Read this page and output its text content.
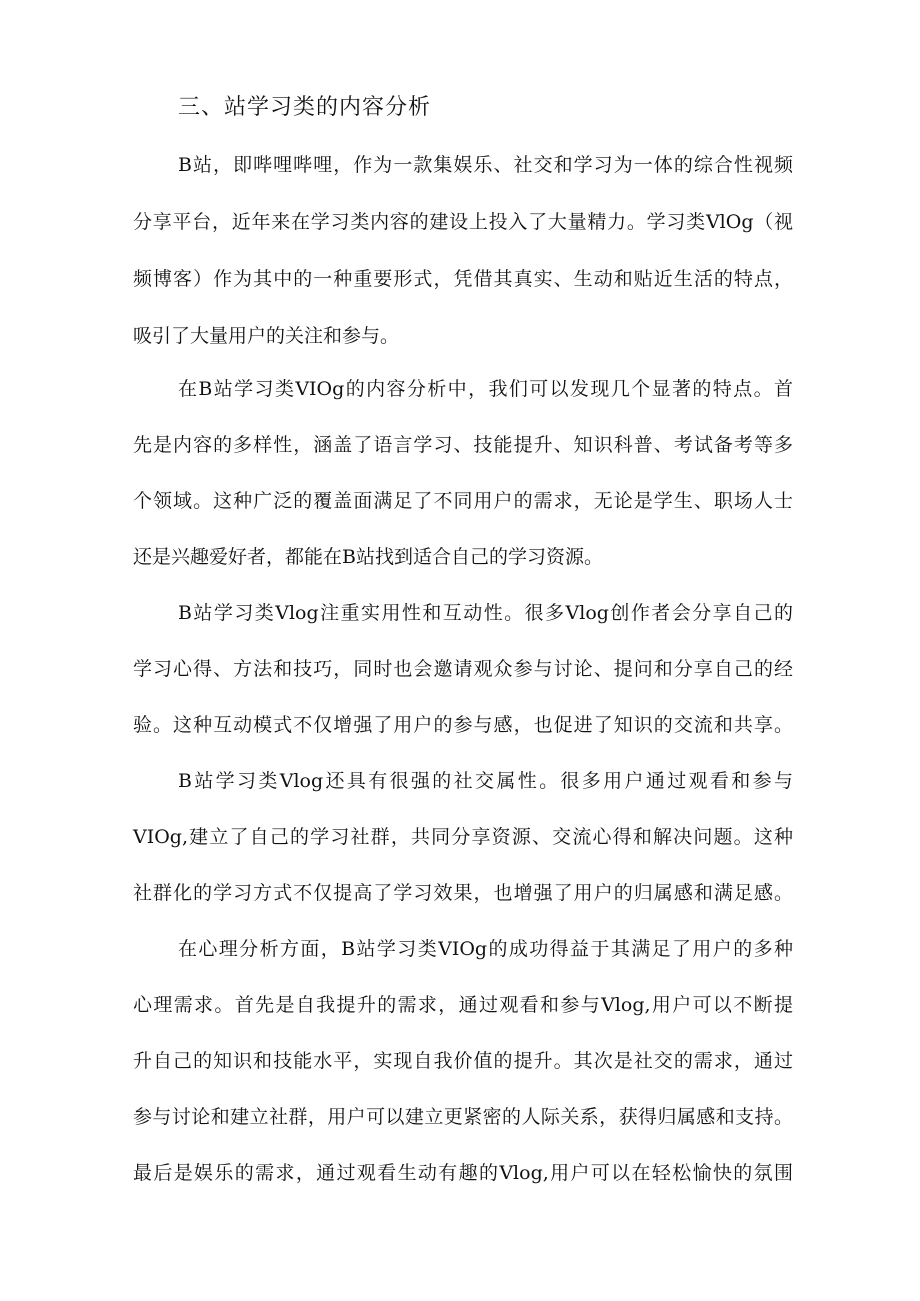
三、站学习类的内容分析
B站，即哔哩哔哩，作为一款集娱乐、社交和学习为一体的综合性视频
分享平台，近年来在学习类内容的建设上投入了大量精力。学习类VlOg（视
频博客）作为其中的一种重要形式，凭借其真实、生动和贴近生活的特点，
吸引了大量用户的关注和参与。
在B站学习类VIOg的内容分析中，我们可以发现几个显著的特点。首
先是内容的多样性，涵盖了语言学习、技能提升、知识科普、考试备考等多
个领域。这种广泛的覆盖面满足了不同用户的需求，无论是学生、职场人士
还是兴趣爱好者，都能在B站找到适合自己的学习资源。
B站学习类Vlog注重实用性和互动性。很多Vlog创作者会分享自己的
学习心得、方法和技巧，同时也会邀请观众参与讨论、提问和分享自己的经
验。这种互动模式不仅增强了用户的参与感，也促进了知识的交流和共享。
B站学习类Vlog还具有很强的社交属性。很多用户通过观看和参与
VIOg,建立了自己的学习社群，共同分享资源、交流心得和解决问题。这种
社群化的学习方式不仅提高了学习效果，也增强了用户的归属感和满足感。
在心理分析方面，B站学习类VIOg的成功得益于其满足了用户的多种
心理需求。首先是自我提升的需求，通过观看和参与Vlog,用户可以不断提
升自己的知识和技能水平，实现自我价值的提升。其次是社交的需求，通过
参与讨论和建立社群，用户可以建立更紧密的人际关系，获得归属感和支持。
最后是娱乐的需求，通过观看生动有趣的Vlog,用户可以在轻松愉快的氛围
